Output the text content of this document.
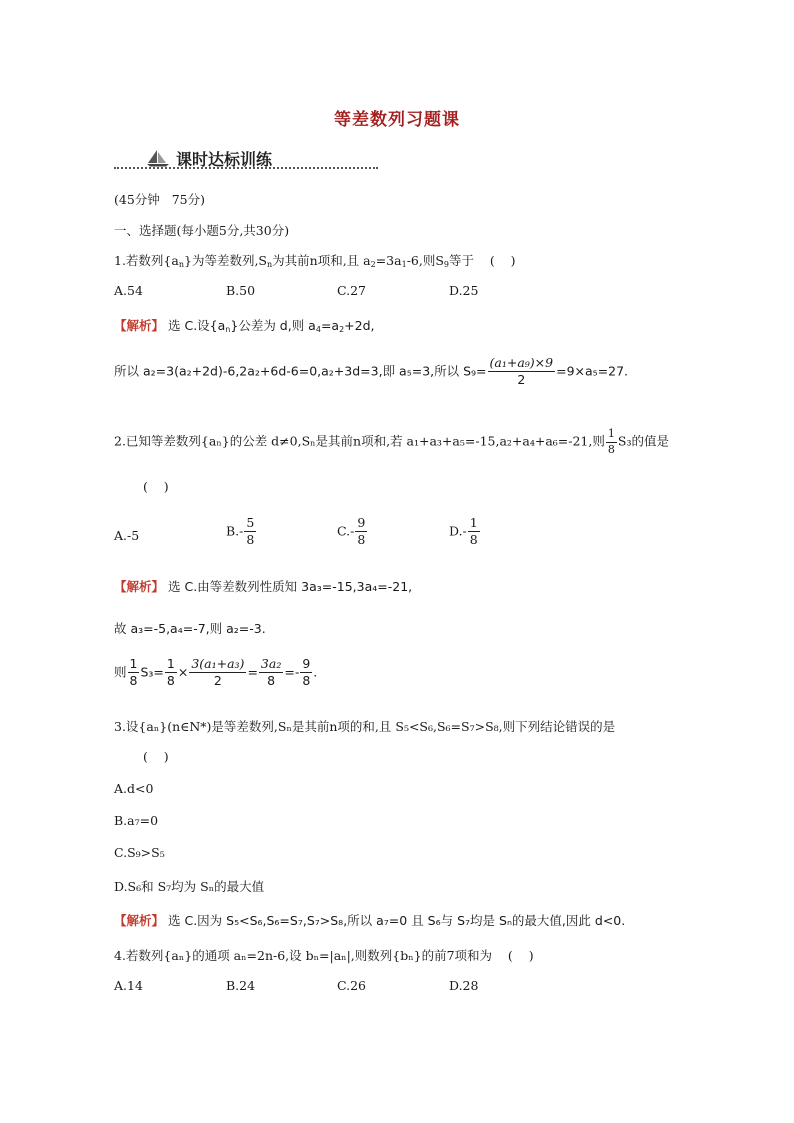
等差数列习题课
课时达标训练
(45分钟   75分)
一、选择题(每小题5分,共30分)
1.若数列$\{a_n\}$为等差数列$,S_n$为其前n项和,且 $a_2=3a_1-6$,则$S_9$等于    (    )
A.54	B.50	C.27	D.25
【解析】 选 C.设$\{a_n\}$公差为 d,则 $a_4=a_2+2d$,
所以 a₂=3(a₂+2d)-6,2a₂+6d-6=0,a₂+3d=3,即 a₅=3,所以 $S_9= \frac{\text{(a₁+a₉)×9}}{2} =9\times a_5=27$.
2.已知等差数列{aₙ}的公差 d≠0,Sₙ是其前n项和,若 a₁+a₃+a₅=-15,a₂+a₄+a₆=-21,则 $\frac{1}{8} S_3$的值是
(    )
A.-5	$B.- \frac{5}{8}$	$C.- \frac{9}{8}$	$D.- \frac{1}{8}$
【解析】 选 C.由等差数列性质知 3a₃=-15,3a₄=-21,
故 a₃=-5,a₄=-7,则 a₂=-3.
则 $\frac{1}{8} S_3= \frac{1}{8} \times \frac{\text{3(a₁+a₃)}}{2} = \frac{\text{3a₂}}{8} =- \frac{9}{8}$ .
3.设{aₙ}(n∈N*)是等差数列,Sₙ是其前n项的和,且 S₅<S₆,S₆=S₇>S₈,则下列结论错误的是
(    )
A.d<0
B.a₇=0
C.S₉>S₅
D.S₆和 S₇均为 Sₙ的最大值
【解析】 选 C.因为 S₅<S₆,S₆=S₇,S₇>S₈,所以 a₇=0 且 S₆与 S₇均是 Sₙ的最大值,因此 d<0.
4.若数列{aₙ}的通项 aₙ=2n-6,设 bₙ=|aₙ|,则数列{bₙ}的前7项和为    (    )
A.14	B.24	C.26	D.28
